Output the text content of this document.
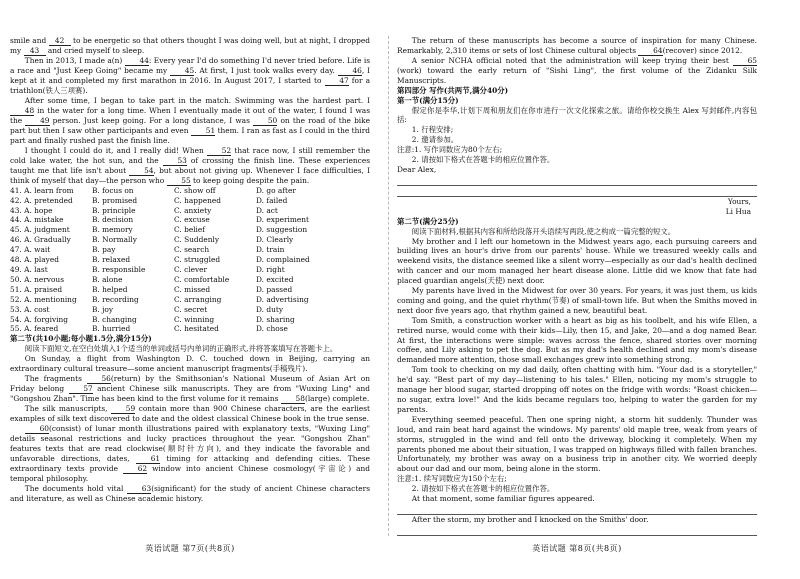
smile and 42 to be energetic so that others thought I was doing well, but at night, I dropped my 43 and cried myself to sleep.

Then in 2013, I made a(n) 44: Every year I'd do something I'd never tried before. Life is a race and "Just Keep Going" became my 45. At first, I just took walks every day. 46, I kept at it and completed my first marathon in 2016. In August 2017, I started to 47 for a triathlon(铁人三项赛).

After some time, I began to take part in the match. Swimming was the hardest part. I 48 in the water for a long time. When I eventually made it out of the water, I found I was the 49 person. Just keep going. For a long distance, I was 50 on the road of the bike part but then I saw other participants and even 51 them. I ran as fast as I could in the third part and finally rushed past the finish line.

I thought I could do it, and I really did! When 52 that race now, I still remember the cold lake water, the hot sun, and the 53 of crossing the finish line. These experiences taught me that life isn't about 54, but about not giving up. Whenever I face difficulties, I think of myself that day—the person who 55 to keep going despite the pain.

41. A. learn from	B. focus on	C. show off	D. go after
42. A. pretended	B. promised	C. happened	D. failed
43. A. hope	B. principle	C. anxiety	D. act
44. A. mistake	B. decision	C. excuse	D. experiment
45. A. judgment	B. memory	C. belief	D. suggestion
46. A. Gradually	B. Normally	C. Suddenly	D. Clearly
47. A. wait	B. pay	C. search	D. train
48. A. played	B. relaxed	C. struggled	D. complained
49. A. last	B. responsible	C. clever	D. right
50. A. nervous	B. alone	C. comfortable	D. excited
51. A. praised	B. helped	C. missed	D. passed
52. A. mentioning	B. recording	C. arranging	D. advertising
53. A. cost	B. joy	C. secret	D. duty
54. A. forgiving	B. changing	C. winning	D. sharing
55. A. feared	B. hurried	C. hesitated	D. chose

第二节(共10小题;每小题1.5分,满分15分)

阅读下面短文,在空白处填入1个适当的单词或括号内单词的正确形式,并将答案填写在答题卡上。

On Sunday, a flight from Washington D. C. touched down in Beijing, carrying an extraordinary cultural treasure—some ancient manuscript fragments(手稿残片).

The fragments 56(return) by the Smithsonian's National Museum of Asian Art on Friday belong 57 ancient Chinese silk manuscripts. They are from "Wuxing Ling" and "Gongshou Zhan". Time has been kind to the first volume for it remains 58(large) complete.

The silk manuscripts, 59 contain more than 900 Chinese characters, are the earliest examples of silk text discovered to date and the oldest classical Chinese book in the true sense.

60(consist) of lunar month illustrations paired with explanatory texts, "Wuxing Ling" details seasonal restrictions and lucky practices throughout the year. "Gongshou Zhan" features texts that are read clockwise(顺时针方向), and they indicate the favorable and unfavorable directions, dates, 61 timing for attacking and defending cities. These extraordinary texts provide 62 window into ancient Chinese cosmology(宇宙论) and temporal philosophy.

The documents hold vital 63(significant) for the study of ancient Chinese characters and literature, as well as Chinese academic history.

The return of these manuscripts has become a source of inspiration for many Chinese. Remarkably, 2,310 items or sets of lost Chinese cultural objects 64(recover) since 2012.

A senior NCHA official noted that the administration will keep trying their best 65(work) toward the early return of "Sishi Ling", the first volume of the Zidanku Silk Manuscripts.

第四部分 写作(共两节,满分40分)

第一节(满分15分)

假定你是李华,计划下周和朋友们在你市进行一次文化探索之旅。请给你校交换生 Alex 写封邮件,内容包括:

1. 行程安排;

2. 邀请参加。

注意:1. 写作词数应为80个左右;

2. 请按如下格式在答题卡的相应位置作答。

Dear Alex,

Yours,

Li Hua

第二节(满分25分)

阅读下面材料,根据其内容和所给段落开头语续写两段,使之构成一篇完整的短文。

My brother and I left our hometown in the Midwest years ago, each pursuing careers and building lives an hour's drive from our parents' house. While we treasured weekly calls and weekend visits, the distance seemed like a silent worry—especially as our dad's health declined with cancer and our mom managed her heart disease alone. Little did we know that fate had placed guardian angels(天使) next door.

My parents have lived in the Midwest for over 30 years. For years, it was just them, us kids coming and going, and the quiet rhythm(节奏) of small-town life. But when the Smiths moved in next door five years ago, that rhythm gained a new, beautiful beat.

Tom Smith, a construction worker with a heart as big as his toolbelt, and his wife Ellen, a retired nurse, would come with their kids—Lily, then 15, and Jake, 20—and a dog named Bear. At first, the interactions were simple: waves across the fence, shared stories over morning coffee, and Lily asking to pet the dog. But as my dad's health declined and my mom's disease demanded more attention, those small exchanges grew into something strong.

Tom took to checking on my dad daily, often chatting with him. "Your dad is a storyteller," he'd say. "Best part of my day—listening to his tales." Ellen, noticing my mom's struggle to manage her blood sugar, started dropping off notes on the fridge with words: "Roast chicken—no sugar, extra love!" And the kids became regulars too, helping to water the garden for my parents.

Everything seemed peaceful. Then one spring night, a storm hit suddenly. Thunder was loud, and rain beat hard against the windows. My parents' old maple tree, weak from years of storms, struggled in the wind and fell onto the driveway, blocking it completely. When my parents phoned me about their situation, I was trapped on highways filled with fallen branches. Unfortunately, my brother was away on a business trip in another city. We worried deeply about our dad and our mom, being alone in the storm.

注意:1. 续写词数应为150个左右;

2. 请按如下格式在答题卡的相应位置作答。

At that moment, some familiar figures appeared.

After the storm, my brother and I knocked on the Smiths' door.

英语试题 第7页(共8页)	英语试题 第8页(共8页)
